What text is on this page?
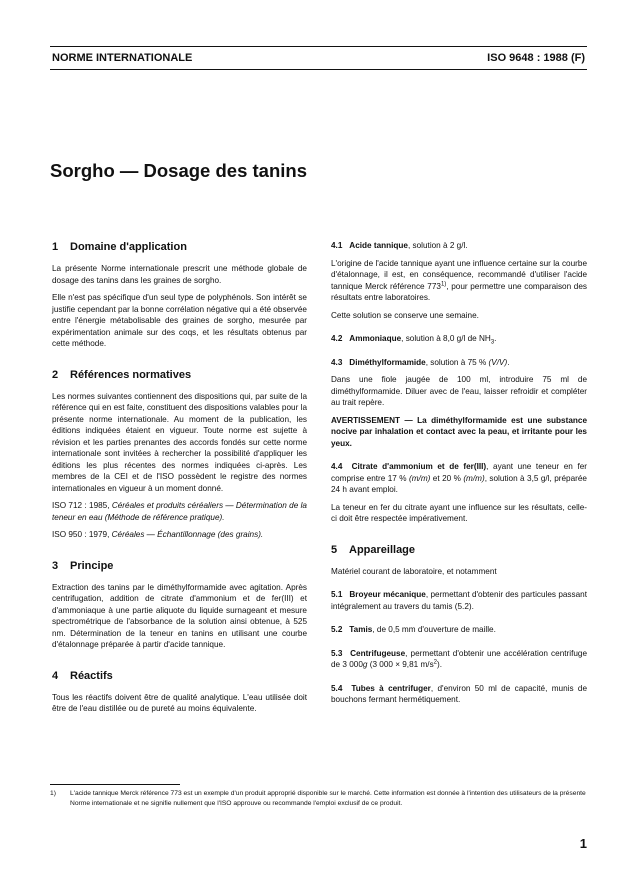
NORME INTERNATIONALE	ISO 9648 : 1988 (F)
Sorgho — Dosage des tanins
1	Domaine d'application

La présente Norme internationale prescrit une méthode globale de dosage des tanins dans les graines de sorgho.

Elle n'est pas spécifique d'un seul type de polyphénols. Son intérêt se justifie cependant par la bonne corrélation négative qui a été observée entre l'énergie métabolisable des graines de sorgho, mesurée par expérimentation animale sur des coqs, et les résultats obtenus par cette méthode.

2	Références normatives

Les normes suivantes contiennent des dispositions qui, par suite de la référence qui en est faite, constituent des dispositions valables pour la présente norme internationale. Au moment de la publication, les éditions indiquées étaient en vigueur. Toute norme est sujette à révision et les parties prenantes des accords fondés sur cette norme internationale sont invitées à rechercher la possibilité d'appliquer les éditions les plus récentes des normes indiquées ci-après. Les membres de la CEI et de l'ISO possèdent le registre des normes internationales en vigueur à un moment donné.

ISO 712 : 1985, Céréales et produits céréaliers — Détermination de la teneur en eau (Méthode de référence pratique).

ISO 950 : 1979, Céréales — Échantillonnage (des grains).

3	Principe

Extraction des tanins par le diméthylformamide avec agitation. Après centrifugation, addition de citrate d'ammonium et de fer(III) et d'ammoniaque à une partie aliquote du liquide surnageant et mesure spectrométrique de l'absorbance de la solution ainsi obtenue, à 525 nm. Détermination de la teneur en tanins en utilisant une courbe d'étalonnage préparée à partir d'acide tannique.

4	Réactifs

Tous les réactifs doivent être de qualité analytique. L'eau utilisée doit être de l'eau distillée ou de pureté au moins équivalente.

4.1 Acide tannique, solution à 2 g/l.

L'origine de l'acide tannique ayant une influence certaine sur la courbe d'étalonnage, il est, en conséquence, recommandé d'utiliser l'acide tannique Merck référence 773$^{1)}$, pour permettre une comparaison des résultats entre laboratoires.

Cette solution se conserve une semaine.

4.2 Ammoniaque, solution à 8,0 g/l de $NH_3$.

4.3 Diméthylformamide, solution à 75 % (V/V).

Dans une fiole jaugée de 100 ml, introduire 75 ml de diméthylformamide. Diluer avec de l'eau, laisser refroidir et compléter au trait repère.

AVERTISSEMENT — La diméthylformamide est une substance nocive par inhalation et contact avec la peau, et irritante pour les yeux.

4.4 Citrate d'ammonium et de fer(III), ayant une teneur en fer comprise entre 17 % (m/m) et 20 % (m/m), solution à 3,5 g/l, préparée 24 h avant emploi.

La teneur en fer du citrate ayant une influence sur les résultats, celle-ci doit être respectée impérativement.

5	Appareillage

Matériel courant de laboratoire, et notamment

5.1 Broyeur mécanique, permettant d'obtenir des particules passant intégralement au travers du tamis (5.2).

5.2 Tamis, de 0,5 mm d'ouverture de maille.

5.3 Centrifugeuse, permettant d'obtenir une accélération centrifuge de 3 000g (3 000 × 9,81 $m/s^2$).

5.4 Tubes à centrifuger, d'environ 50 ml de capacité, munis de bouchons fermant hermétiquement.

1)	L'acide tannique Merck référence 773 est un exemple d'un produit approprié disponible sur le marché. Cette information est donnée à l'intention des utilisateurs de la présente Norme internationale et ne signifie nullement que l'ISO approuve ou recommande l'emploi exclusif de ce produit.
1
